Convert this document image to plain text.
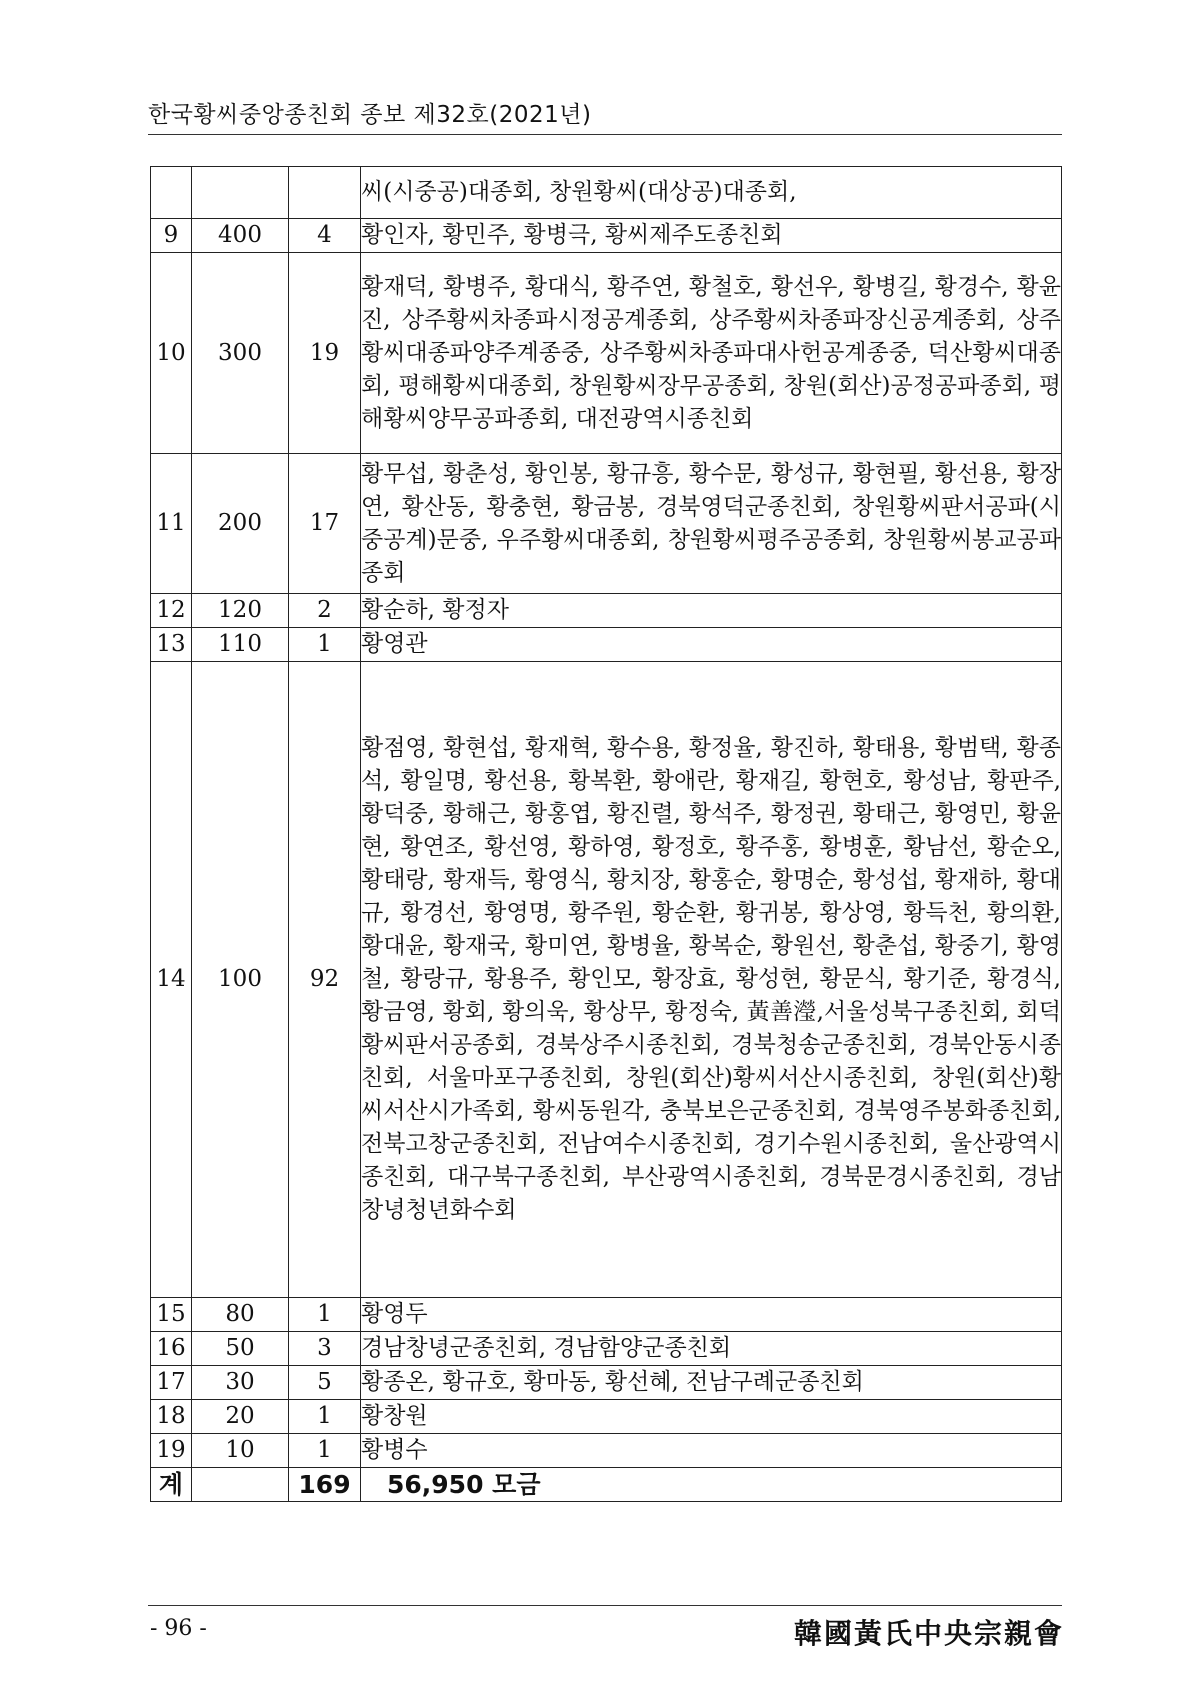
한국황씨중앙종친회 종보 제32호(2021년)
			씨(시중공)대종회, 창원황씨(대상공)대종회,
9	400	4	황인자, 황민주, 황병극, 황씨제주도종친회
10	300	19	황재덕, 황병주, 황대식, 황주연, 황철호, 황선우, 황병길, 황경수, 황윤진, 상주황씨차종파시정공계종회, 상주황씨차종파장신공계종회, 상주황씨대종파양주계종중, 상주황씨차종파대사헌공계종중, 덕산황씨대종회, 평해황씨대종회, 창원황씨장무공종회, 창원(회산)공정공파종회, 평해황씨양무공파종회, 대전광역시종친회
11	200	17	황무섭, 황춘성, 황인봉, 황규흥, 황수문, 황성규, 황현필, 황선용, 황장연, 황산동, 황충현, 황금봉, 경북영덕군종친회, 창원황씨판서공파(시중공계)문중, 우주황씨대종회, 창원황씨평주공종회, 창원황씨봉교공파종회
12	120	2	황순하, 황정자
13	110	1	황영관
14	100	92	황점영, 황현섭, 황재혁, 황수용, 황정율, 황진하, 황태용, 황범택, 황종석, 황일명, 황선용, 황복환, 황애란, 황재길, 황현호, 황성남, 황판주, 황덕중, 황해근, 황홍엽, 황진렬, 황석주, 황정권, 황태근, 황영민, 황윤현, 황연조, 황선영, 황하영, 황정호, 황주홍, 황병훈, 황남선, 황순오, 황태랑, 황재득, 황영식, 황치장, 황홍순, 황명순, 황성섭, 황재하, 황대규, 황경선, 황영명, 황주원, 황순환, 황귀봉, 황상영, 황득천, 황의환, 황대윤, 황재국, 황미연, 황병율, 황복순, 황원선, 황춘섭, 황중기, 황영철, 황랑규, 황용주, 황인모, 황장효, 황성현, 황문식, 황기준, 황경식, 황금영, 황회, 황의욱, 황상무, 황정숙, 黃善瀅,서울성북구종친회, 회덕황씨판서공종회, 경북상주시종친회, 경북청송군종친회, 경북안동시종친회, 서울마포구종친회, 창원(회산)황씨서산시종친회, 창원(회산)황씨서산시가족회, 황씨동원각, 충북보은군종친회, 경북영주봉화종친회, 전북고창군종친회, 전남여수시종친회, 경기수원시종친회, 울산광역시종친회, 대구북구종친회, 부산광역시종친회, 경북문경시종친회, 경남창녕청년화수회
15	80	1	황영두
16	50	3	경남창녕군종친회, 경남함양군종친회
17	30	5	황종온, 황규호, 황마동, 황선혜, 전남구례군종친회
18	20	1	황창원
19	10	1	황병수
계		169	56,950 모금
- 96 -	韓國黃氏中央宗親會
